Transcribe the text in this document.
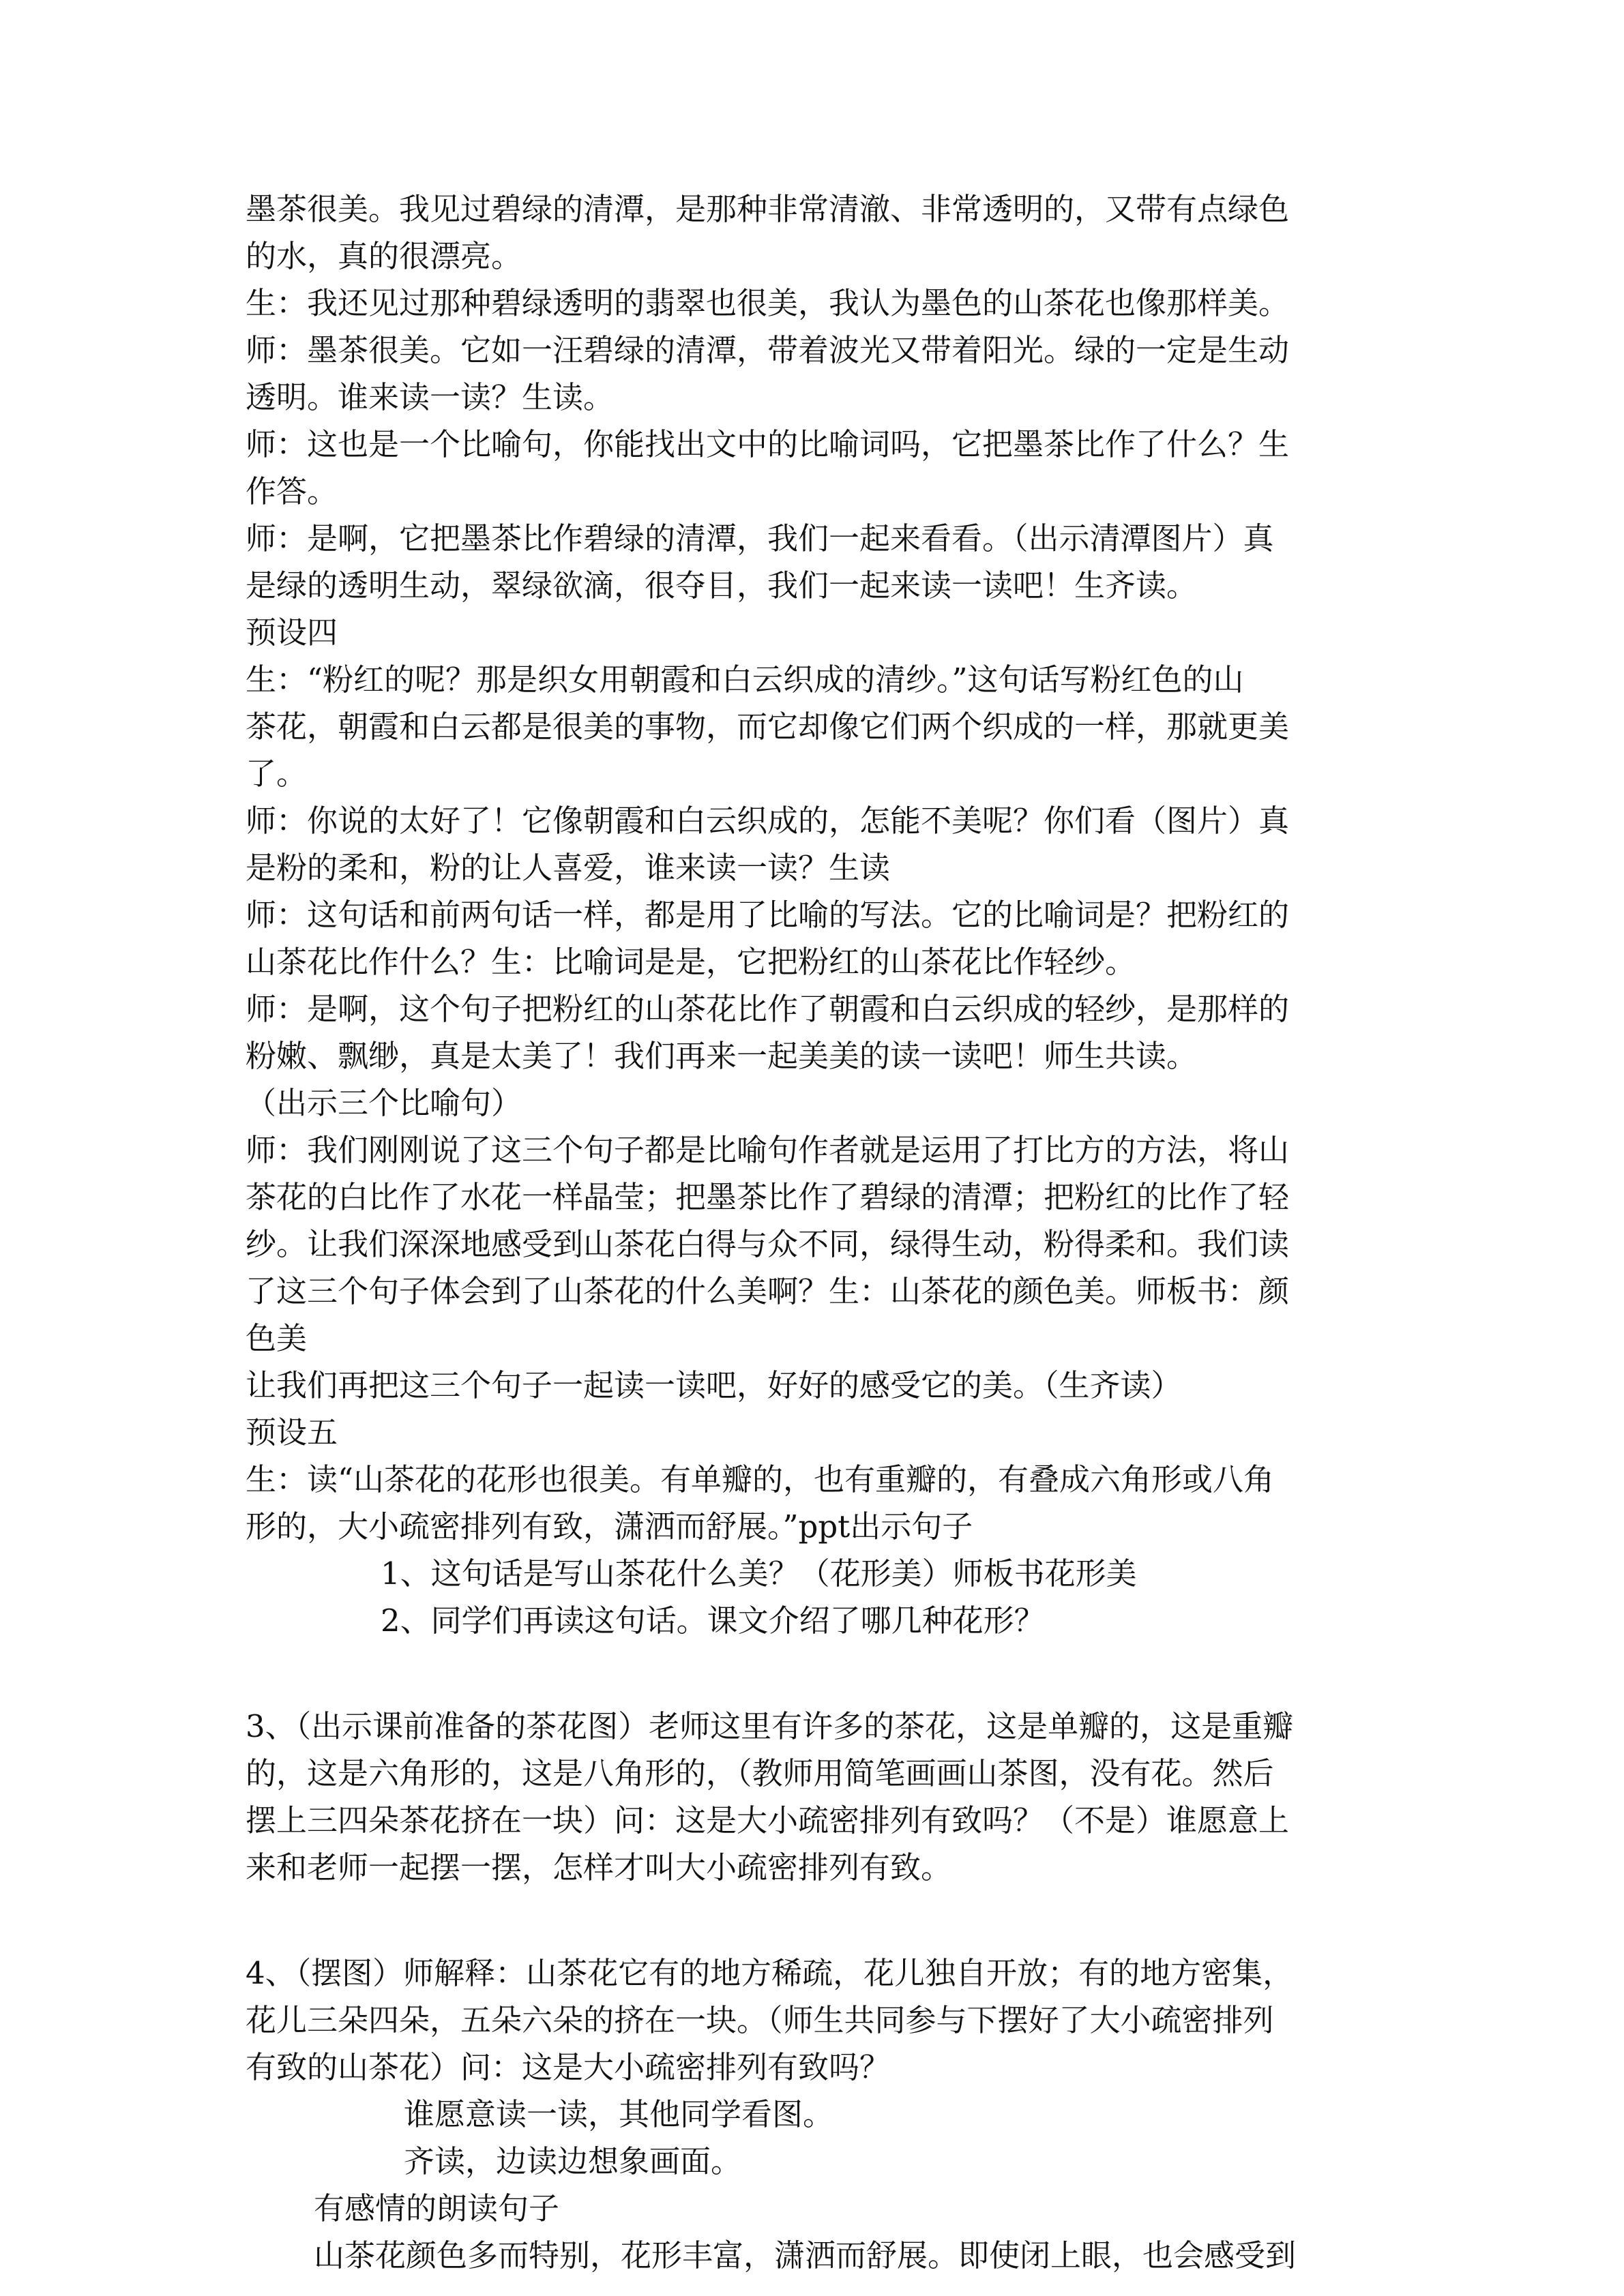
墨茶很美。我见过碧绿的清潭，是那种非常清澈、非常透明的，又带有点绿色
的水，真的很漂亮。
生：我还见过那种碧绿透明的翡翠也很美，我认为墨色的山茶花也像那样美。
师：墨茶很美。它如一汪碧绿的清潭，带着波光又带着阳光。绿的一定是生动
透明。谁来读一读？生读。
师：这也是一个比喻句，你能找出文中的比喻词吗，它把墨茶比作了什么？生
作答。
师：是啊，它把墨茶比作碧绿的清潭，我们一起来看看。（出示清潭图片）真
是绿的透明生动，翠绿欲滴，很夺目，我们一起来读一读吧！生齐读。
预设四
生：“粉红的呢？那是织女用朝霞和白云织成的清纱。”这句话写粉红色的山
茶花，朝霞和白云都是很美的事物，而它却像它们两个织成的一样，那就更美
了。
师：你说的太好了！它像朝霞和白云织成的，怎能不美呢？你们看（图片）真
是粉的柔和，粉的让人喜爱，谁来读一读？生读
师：这句话和前两句话一样，都是用了比喻的写法。它的比喻词是？把粉红的
山茶花比作什么？生：比喻词是是，它把粉红的山茶花比作轻纱。
师：是啊，这个句子把粉红的山茶花比作了朝霞和白云织成的轻纱，是那样的
粉嫩、飘缈，真是太美了！我们再来一起美美的读一读吧！师生共读。
（出示三个比喻句）
师：我们刚刚说了这三个句子都是比喻句作者就是运用了打比方的方法，将山
茶花的白比作了水花一样晶莹；把墨茶比作了碧绿的清潭；把粉红的比作了轻
纱。让我们深深地感受到山茶花白得与众不同，绿得生动，粉得柔和。我们读
了这三个句子体会到了山茶花的什么美啊？生：山茶花的颜色美。师板书：颜
色美
让我们再把这三个句子一起读一读吧，好好的感受它的美。（生齐读）
预设五
生：读“山茶花的花形也很美。有单瓣的，也有重瓣的，有叠成六角形或八角
形的，大小疏密排列有致，潇洒而舒展。”ppt出示句子
1、这句话是写山茶花什么美？（花形美）师板书花形美
2、同学们再读这句话。课文介绍了哪几种花形？
3、（出示课前准备的茶花图）老师这里有许多的茶花，这是单瓣的，这是重瓣
的，这是六角形的，这是八角形的，（教师用简笔画画山茶图，没有花。然后
摆上三四朵茶花挤在一块）问：这是大小疏密排列有致吗？（不是）谁愿意上
来和老师一起摆一摆，怎样才叫大小疏密排列有致。
4、（摆图）师解释：山茶花它有的地方稀疏，花儿独自开放；有的地方密集，
花儿三朵四朵，五朵六朵的挤在一块。（师生共同参与下摆好了大小疏密排列
有致的山茶花）问：这是大小疏密排列有致吗？
谁愿意读一读，其他同学看图。
齐读，边读边想象画面。
有感情的朗读句子
山茶花颜色多而特别，花形丰富，潇洒而舒展。即使闭上眼，也会感受到
